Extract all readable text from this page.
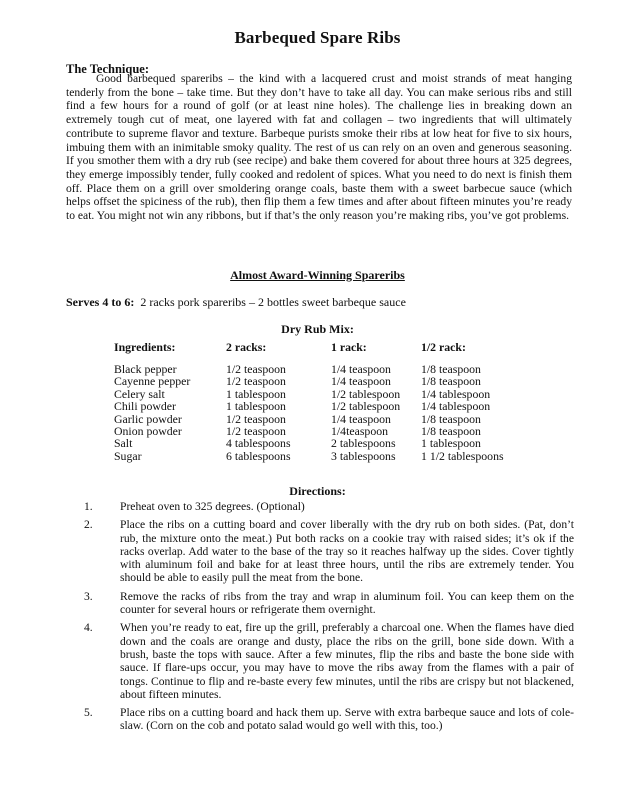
Barbequed Spare Ribs
The Technique:

Good barbequed spareribs – the kind with a lacquered crust and moist strands of meat hanging tenderly from the bone – take time. But they don’t have to take all day. You can make serious ribs and still find a few hours for a round of golf (or at least nine holes). The challenge lies in breaking down an extremely tough cut of meat, one layered with fat and collagen – two ingredients that will ultimately contribute to supreme flavor and texture. Barbeque purists smoke their ribs at low heat for five to six hours, imbuing them with an inimitable smoky quality. The rest of us can rely on an oven and generous seasoning. If you smother them with a dry rub (see recipe) and bake them covered for about three hours at 325 degrees, they emerge impossibly tender, fully cooked and redolent of spices. What you need to do next is finish them off. Place them on a grill over smoldering orange coals, baste them with a sweet barbecue sauce (which helps offset the spiciness of the rub), then flip them a few times and after about fifteen minutes you’re ready to eat. You might not win any ribbons, but if that’s the only reason you’re making ribs, you’ve got problems.

Almost Award-Winning Spareribs
Serves 4 to 6: 2 racks pork spareribs – 2 bottles sweet barbeque sauce
Dry Rub Mix:
Ingredients:	2 racks:	1 rack:	1/2 rack:
Black pepper	1/2 teaspoon	1/4 teaspoon	1/8 teaspoon
Cayenne pepper	1/2 teaspoon	1/4 teaspoon	1/8 teaspoon
Celery salt	1 tablespoon	1/2 tablespoon	1/4 tablespoon
Chili powder	1 tablespoon	1/2 tablespoon	1/4 tablespoon
Garlic powder	1/2 teaspoon	1/4 teaspoon	1/8 teaspoon
Onion powder	1/2 teaspoon	1/4teaspoon	1/8 teaspoon
Salt	4 tablespoons	2 tablespoons	1 tablespoon
Sugar	6 tablespoons	3 tablespoons	1 1/2 tablespoons
Directions:
1.	Preheat oven to 325 degrees. (Optional)
2.	Place the ribs on a cutting board and cover liberally with the dry rub on both sides. (Pat, don’t rub, the mixture onto the meat.) Put both racks on a cookie tray with raised sides; it’s ok if the racks overlap. Add water to the base of the tray so it reaches halfway up the sides. Cover tightly with aluminum foil and bake for at least three hours, until the ribs are extremely tender. You should be able to easily pull the meat from the bone.
3.	Remove the racks of ribs from the tray and wrap in aluminum foil. You can keep them on the counter for several hours or refrigerate them overnight.
4.	When you’re ready to eat, fire up the grill, preferably a charcoal one. When the flames have died down and the coals are orange and dusty, place the ribs on the grill, bone side down. With a brush, baste the tops with sauce. After a few minutes, flip the ribs and baste the bone side with sauce. If flare-ups occur, you may have to move the ribs away from the flames with a pair of tongs. Continue to flip and re-baste every few minutes, until the ribs are crispy but not blackened, about fifteen minutes.
5.	Place ribs on a cutting board and hack them up. Serve with extra barbeque sauce and lots of cole-slaw. (Corn on the cob and potato salad would go well with this, too.)
